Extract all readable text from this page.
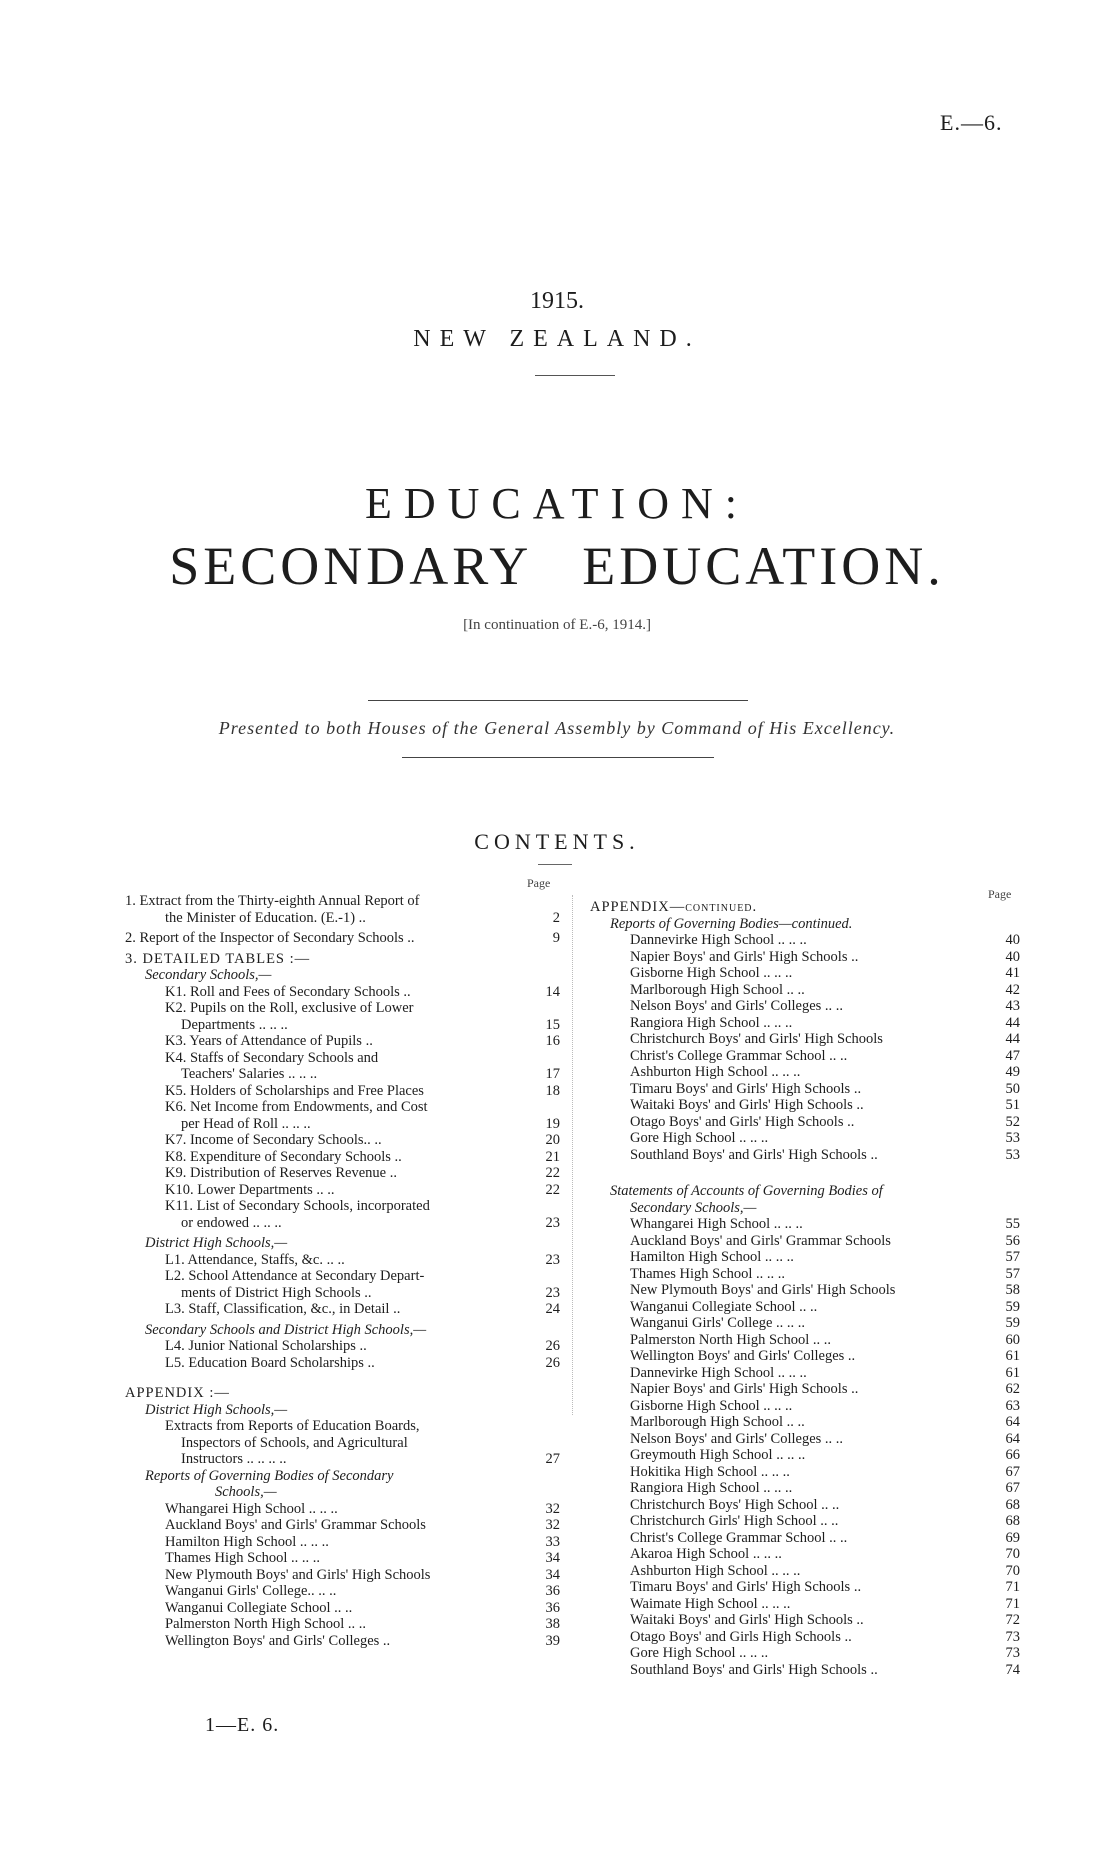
E.—6.
1915.
NEW ZEALAND.
EDUCATION:
SECONDARY EDUCATION.
[In continuation of E.-6, 1914.]
Presented to both Houses of the General Assembly by Command of His Excellency.
CONTENTS.
Page
Page
1. Extract from the Thirty-eighth Annual Report of
the Minister of Education. (E.-1) ..	2
2. Report of the Inspector of Secondary Schools ..	9
3. DETAILED TABLES :—
Secondary Schools,—
K1. Roll and Fees of Secondary Schools ..	14
K2. Pupils on the Roll, exclusive of Lower
Departments .. .. ..	15
K3. Years of Attendance of Pupils ..	16
K4. Staffs of Secondary Schools and
Teachers' Salaries .. .. ..	17
K5. Holders of Scholarships and Free Places	18
K6. Net Income from Endowments, and Cost
per Head of Roll .. .. ..	19
K7. Income of Secondary Schools.. ..	20
K8. Expenditure of Secondary Schools ..	21
K9. Distribution of Reserves Revenue ..	22
K10. Lower Departments .. ..	22
K11. List of Secondary Schools, incorporated
or endowed .. .. ..	23
District High Schools,—
L1. Attendance, Staffs, &c. .. ..	23
L2. School Attendance at Secondary Depart-
ments of District High Schools ..	23
L3. Staff, Classification, &c., in Detail ..	24
Secondary Schools and District High Schools,—
L4. Junior National Scholarships ..	26
L5. Education Board Scholarships ..	26
APPENDIX :—
District High Schools,—
Extracts from Reports of Education Boards,
Inspectors of Schools, and Agricultural
Instructors .. .. .. ..	27
Reports of Governing Bodies of Secondary
Schools,—
Whangarei High School .. .. ..	32
Auckland Boys' and Girls' Grammar Schools	32
Hamilton High School .. .. ..	33
Thames High School .. .. ..	34
New Plymouth Boys' and Girls' High Schools	34
Wanganui Girls' College.. .. ..	36
Wanganui Collegiate School .. ..	36
Palmerston North High School .. ..	38
Wellington Boys' and Girls' Colleges ..	39
APPENDIX—continued.
Reports of Governing Bodies—continued.
Dannevirke High School .. .. ..	40
Napier Boys' and Girls' High Schools ..	40
Gisborne High School .. .. ..	41
Marlborough High School .. ..	42
Nelson Boys' and Girls' Colleges .. ..	43
Rangiora High School .. .. ..	44
Christchurch Boys' and Girls' High Schools	44
Christ's College Grammar School .. ..	47
Ashburton High School .. .. ..	49
Timaru Boys' and Girls' High Schools ..	50
Waitaki Boys' and Girls' High Schools ..	51
Otago Boys' and Girls' High Schools ..	52
Gore High School .. .. ..	53
Southland Boys' and Girls' High Schools ..	53
Statements of Accounts of Governing Bodies of
Secondary Schools,—
Whangarei High School .. .. ..	55
Auckland Boys' and Girls' Grammar Schools	56
Hamilton High School .. .. ..	57
Thames High School .. .. ..	57
New Plymouth Boys' and Girls' High Schools	58
Wanganui Collegiate School .. ..	59
Wanganui Girls' College .. .. ..	59
Palmerston North High School .. ..	60
Wellington Boys' and Girls' Colleges ..	61
Dannevirke High School .. .. ..	61
Napier Boys' and Girls' High Schools ..	62
Gisborne High School .. .. ..	63
Marlborough High School .. ..	64
Nelson Boys' and Girls' Colleges .. ..	64
Greymouth High School .. .. ..	66
Hokitika High School .. .. ..	67
Rangiora High School .. .. ..	67
Christchurch Boys' High School .. ..	68
Christchurch Girls' High School .. ..	68
Christ's College Grammar School .. ..	69
Akaroa High School .. .. ..	70
Ashburton High School .. .. ..	70
Timaru Boys' and Girls' High Schools ..	71
Waimate High School .. .. ..	71
Waitaki Boys' and Girls' High Schools ..	72
Otago Boys' and Girls High Schools ..	73
Gore High School .. .. ..	73
Southland Boys' and Girls' High Schools ..	74
1—E. 6.
